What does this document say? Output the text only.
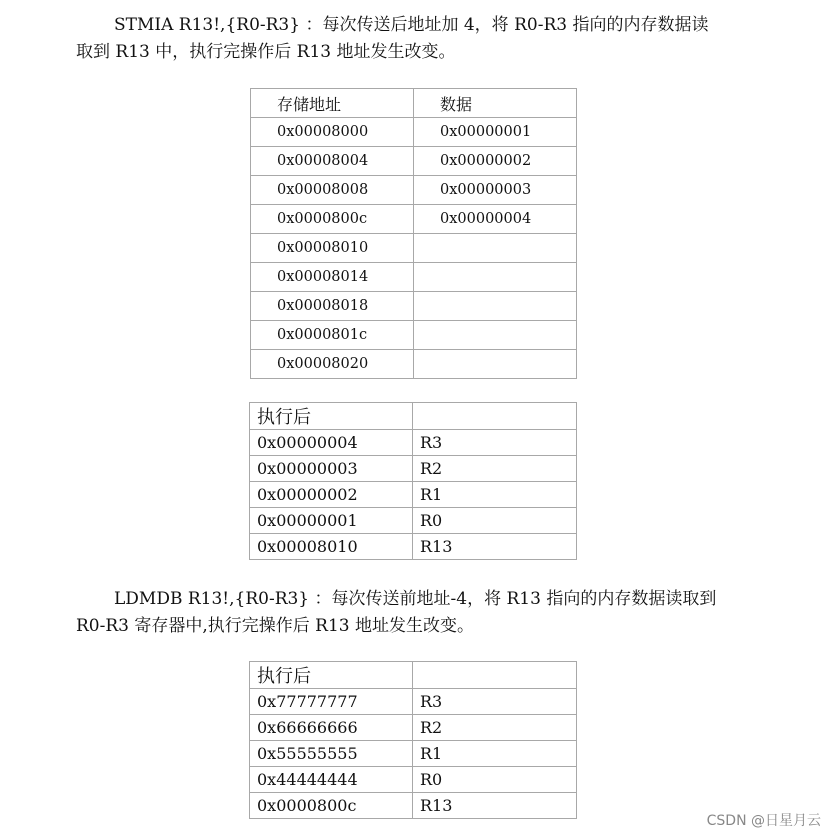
STMIA R13!,{R0-R3} ：每次传送后地址加 4，将 R0-R3 指向的内存数据读
取到 R13 中，执行完操作后 R13 地址发生改变。

存储地址	数据
0x00008000	0x00000001
0x00008004	0x00000002
0x00008008	0x00000003
0x0000800c	0x00000004
0x00008010	
0x00008014	
0x00008018	
0x0000801c	
0x00008020	
执行后	
0x00000004	R3
0x00000003	R2
0x00000002	R1
0x00000001	R0
0x00008010	R13

LDMDB R13!,{R0-R3} ：每次传送前地址-4，将 R13 指向的内存数据读取到
R0-R3 寄存器中,执行完操作后 R13 地址发生改变。

执行后	
0x77777777	R3
0x66666666	R2
0x55555555	R1
0x44444444	R0
0x0000800c	R13
CSDN @日星月云
